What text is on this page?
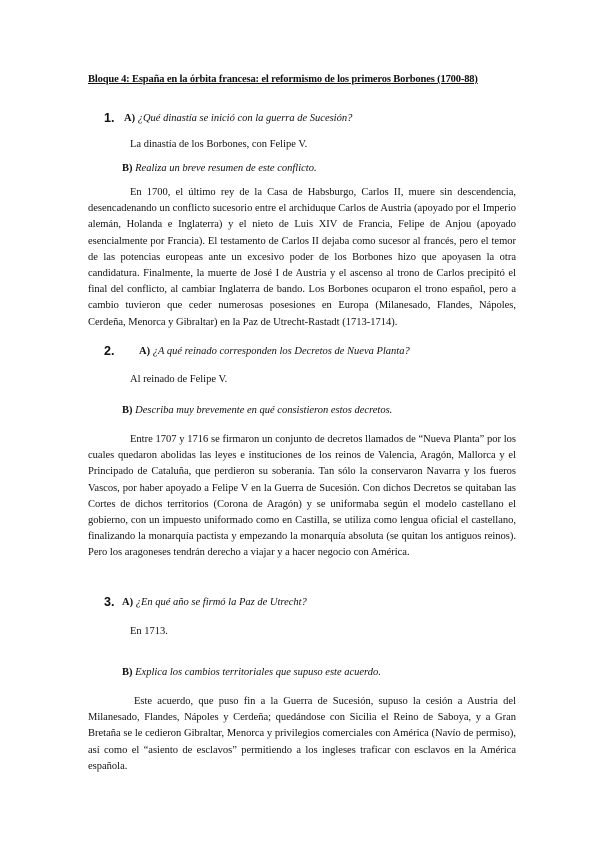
Bloque 4: España en la órbita francesa: el reformismo de los primeros Borbones (1700-88)
1. A) ¿Qué dinastía se inició con la guerra de Sucesión?
La dinastía de los Borbones, con Felipe V.
B) Realiza un breve resumen de este conflicto.
En 1700, el último rey de la Casa de Habsburgo, Carlos II, muere sin descendencia, desencadenando un conflicto sucesorio entre el archiduque Carlos de Austria (apoyado por el Imperio alemán, Holanda e Inglaterra) y el nieto de Luis XIV de Francia, Felipe de Anjou (apoyado esencialmente por Francia). El testamento de Carlos II dejaba como sucesor al francés, pero el temor de las potencias europeas ante un excesivo poder de los Borbones hizo que apoyasen la otra candidatura. Finalmente, la muerte de José I de Austria y el ascenso al trono de Carlos precipitó el final del conflicto, al cambiar Inglaterra de bando. Los Borbones ocuparon el trono español, pero a cambio tuvieron que ceder numerosas posesiones en Europa (Milanesado, Flandes, Nápoles, Cerdeña, Menorca y Gibraltar) en la Paz de Utrecht-Rastadt (1713-1714).
2. A) ¿A qué reinado corresponden los Decretos de Nueva Planta?
Al reinado de Felipe V.
B) Describa muy brevemente en qué consistieron estos decretos.
Entre 1707 y 1716 se firmaron un conjunto de decretos llamados de “Nueva Planta” por los cuales quedaron abolidas las leyes e instituciones de los reinos de Valencia, Aragón, Mallorca y el Principado de Cataluña, que perdieron su soberanía. Tan sólo la conservaron Navarra y los fueros Vascos, por haber apoyado a Felipe V en la Guerra de Sucesión. Con dichos Decretos se quitaban las Cortes de dichos territorios (Corona de Aragón) y se uniformaba según el modelo castellano el gobierno, con un impuesto uniformado como en Castilla, se utiliza como lengua oficial el castellano, finalizando la monarquía pactista y empezando la monarquía absoluta (se quitan los antiguos reinos). Pero los aragoneses tendrán derecho a viajar y a hacer negocio con América.
3. A) ¿En qué año se firmó la Paz de Utrecht?
En 1713.
B) Explica los cambios territoriales que supuso este acuerdo.
Este acuerdo, que puso fin a la Guerra de Sucesión, supuso la cesión a Austria del Milanesado, Flandes, Nápoles y Cerdeña; quedándose con Sicilia el Reino de Saboya, y a Gran Bretaña se le cedieron Gibraltar, Menorca y privilegios comerciales con América (Navío de permiso), así como el “asiento de esclavos” permitiendo a los ingleses traficar con esclavos en la América española.
